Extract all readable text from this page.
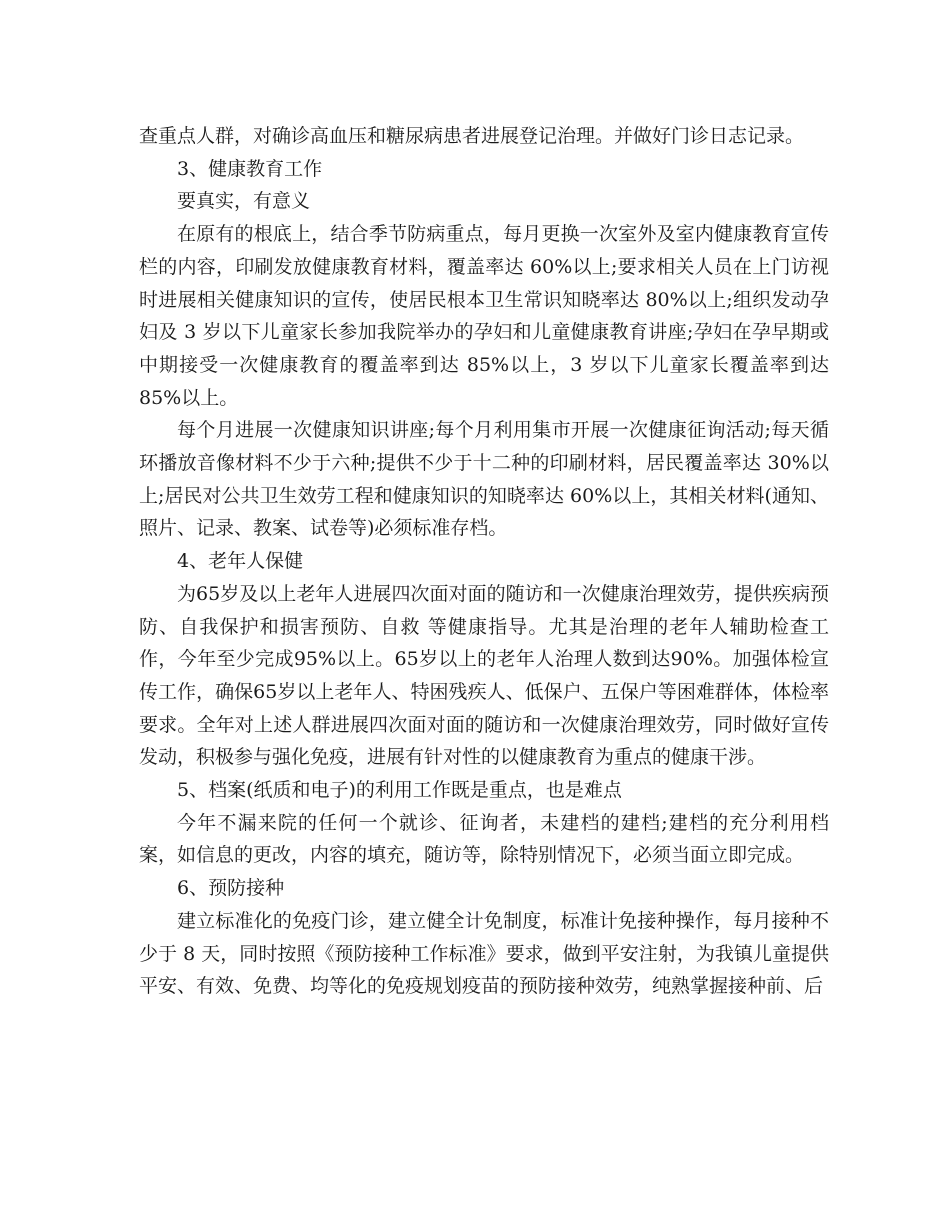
查重点人群，对确诊高血压和糖尿病患者进展登记治理。并做好门诊日志记录。

3、健康教育工作

要真实，有意义

在原有的根底上，结合季节防病重点，每月更换一次室外及室内健康教育宣传栏的内容，印刷发放健康教育材料，覆盖率达 60%以上;要求相关人员在上门访视时进展相关健康知识的宣传，使居民根本卫生常识知晓率达 80%以上;组织发动孕妇及 3 岁以下儿童家长参加我院举办的孕妇和儿童健康教育讲座;孕妇在孕早期或中期接受一次健康教育的覆盖率到达 85%以上，3 岁以下儿童家长覆盖率到达 85%以上。

每个月进展一次健康知识讲座;每个月利用集市开展一次健康征询活动;每天循环播放音像材料不少于六种;提供不少于十二种的印刷材料，居民覆盖率达 30%以上;居民对公共卫生效劳工程和健康知识的知晓率达 60%以上，其相关材料(通知、照片、记录、教案、试卷等)必须标准存档。

4、老年人保健

为65岁及以上老年人进展四次面对面的随访和一次健康治理效劳，提供疾病预防、自我保护和损害预防、自救 等健康指导。尤其是治理的老年人辅助检查工作，今年至少完成95%以上。65岁以上的老年人治理人数到达90%。加强体检宣传工作，确保65岁以上老年人、特困残疾人、低保户、五保户等困难群体，体检率要求。全年对上述人群进展四次面对面的随访和一次健康治理效劳，同时做好宣传发动，积极参与强化免疫，进展有针对性的以健康教育为重点的健康干涉。

5、档案(纸质和电子)的利用工作既是重点，也是难点

今年不漏来院的任何一个就诊、征询者，未建档的建档;建档的充分利用档案，如信息的更改，内容的填充，随访等，除特别情况下，必须当面立即完成。

6、预防接种

建立标准化的免疫门诊，建立健全计免制度，标准计免接种操作，每月接种不少于 8 天，同时按照《预防接种工作标准》要求，做到平安注射，为我镇儿童提供平安、有效、免费、均等化的免疫规划疫苗的预防接种效劳，纯熟掌握接种前、后
